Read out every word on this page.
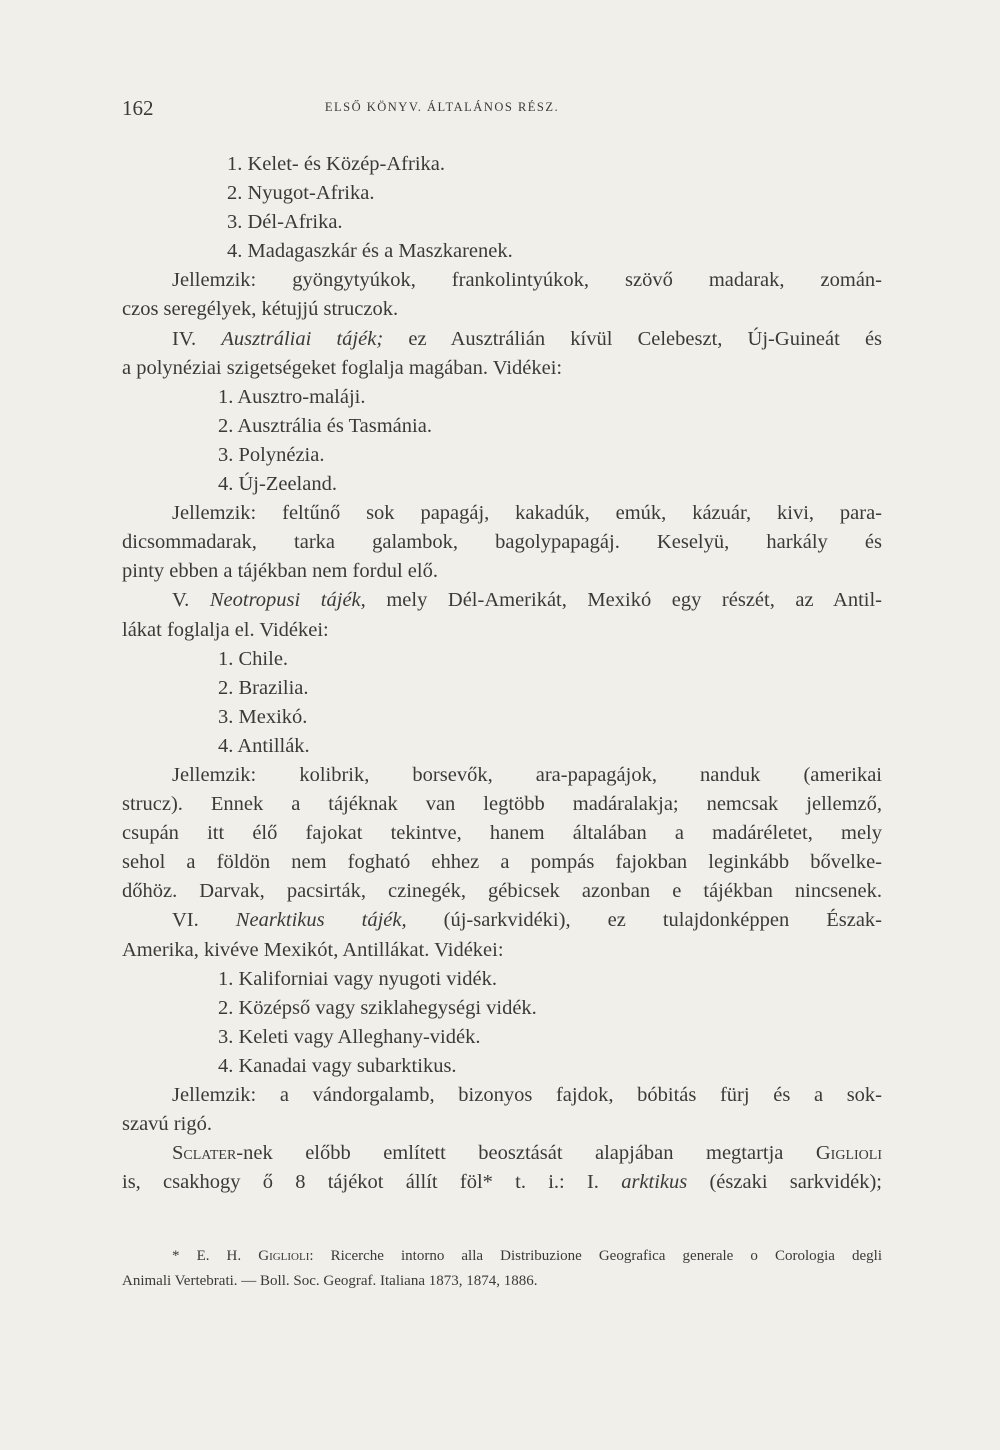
162	ELSŐ KÖNYV. ÁLTALÁNOS RÉSZ.
1. Kelet- és Közép-Afrika.
2. Nyugot-Afrika.
3. Dél-Afrika.
4. Madagaszkár és a Maszkarenek.
Jellemzik: gyöngytyúkok, frankolintyúkok, szövő madarak, zomán-
czos seregélyek, kétujjú struczok.
IV. Ausztráliai tájék; ez Ausztrálián kívül Celebeszt, Új-Guineát és
a polynéziai szigetségeket foglalja magában. Vidékei:
1. Ausztro-maláji.
2. Ausztrália és Tasmánia.
3. Polynézia.
4. Új-Zeeland.
Jellemzik: feltűnő sok papagáj, kakadúk, emúk, kázuár, kivi, para-
dicsommadarak, tarka galambok, bagolypapagáj. Keselyü, harkály és
pinty ebben a tájékban nem fordul elő.
V. Neotropusi tájék, mely Dél-Amerikát, Mexikó egy részét, az Antil-
lákat foglalja el. Vidékei:
1. Chile.
2. Brazilia.
3. Mexikó.
4. Antillák.
Jellemzik: kolibrik, borsevők, ara-papagájok, nanduk (amerikai
strucz). Ennek a tájéknak van legtöbb madáralakja; nemcsak jellemző,
csupán itt élő fajokat tekintve, hanem általában a madáréletet, mely
sehol a földön nem fogható ehhez a pompás fajokban leginkább bővelke-
dőhöz. Darvak, pacsirták, czinegék, gébicsek azonban e tájékban nincsenek.
VI. Nearktikus tájék, (új-sarkvidéki), ez tulajdonképpen Észak-
Amerika, kivéve Mexikót, Antillákat. Vidékei:
1. Kaliforniai vagy nyugoti vidék.
2. Középső vagy sziklahegységi vidék.
3. Keleti vagy Alleghany-vidék.
4. Kanadai vagy subarktikus.
Jellemzik: a vándorgalamb, bizonyos fajdok, bóbitás fürj és a sok-
szavú rigó.
Sclater-nek előbb említett beosztását alapjában megtartja Giglioli
is, csakhogy ő 8 tájékot állít föl* t. i.: I. arktikus (északi sarkvidék);
* E. H. Giglioli: Ricerche intorno alla Distribuzione Geografica generale o Corologia degli
Animali Vertebrati. — Boll. Soc. Geograf. Italiana 1873, 1874, 1886.
